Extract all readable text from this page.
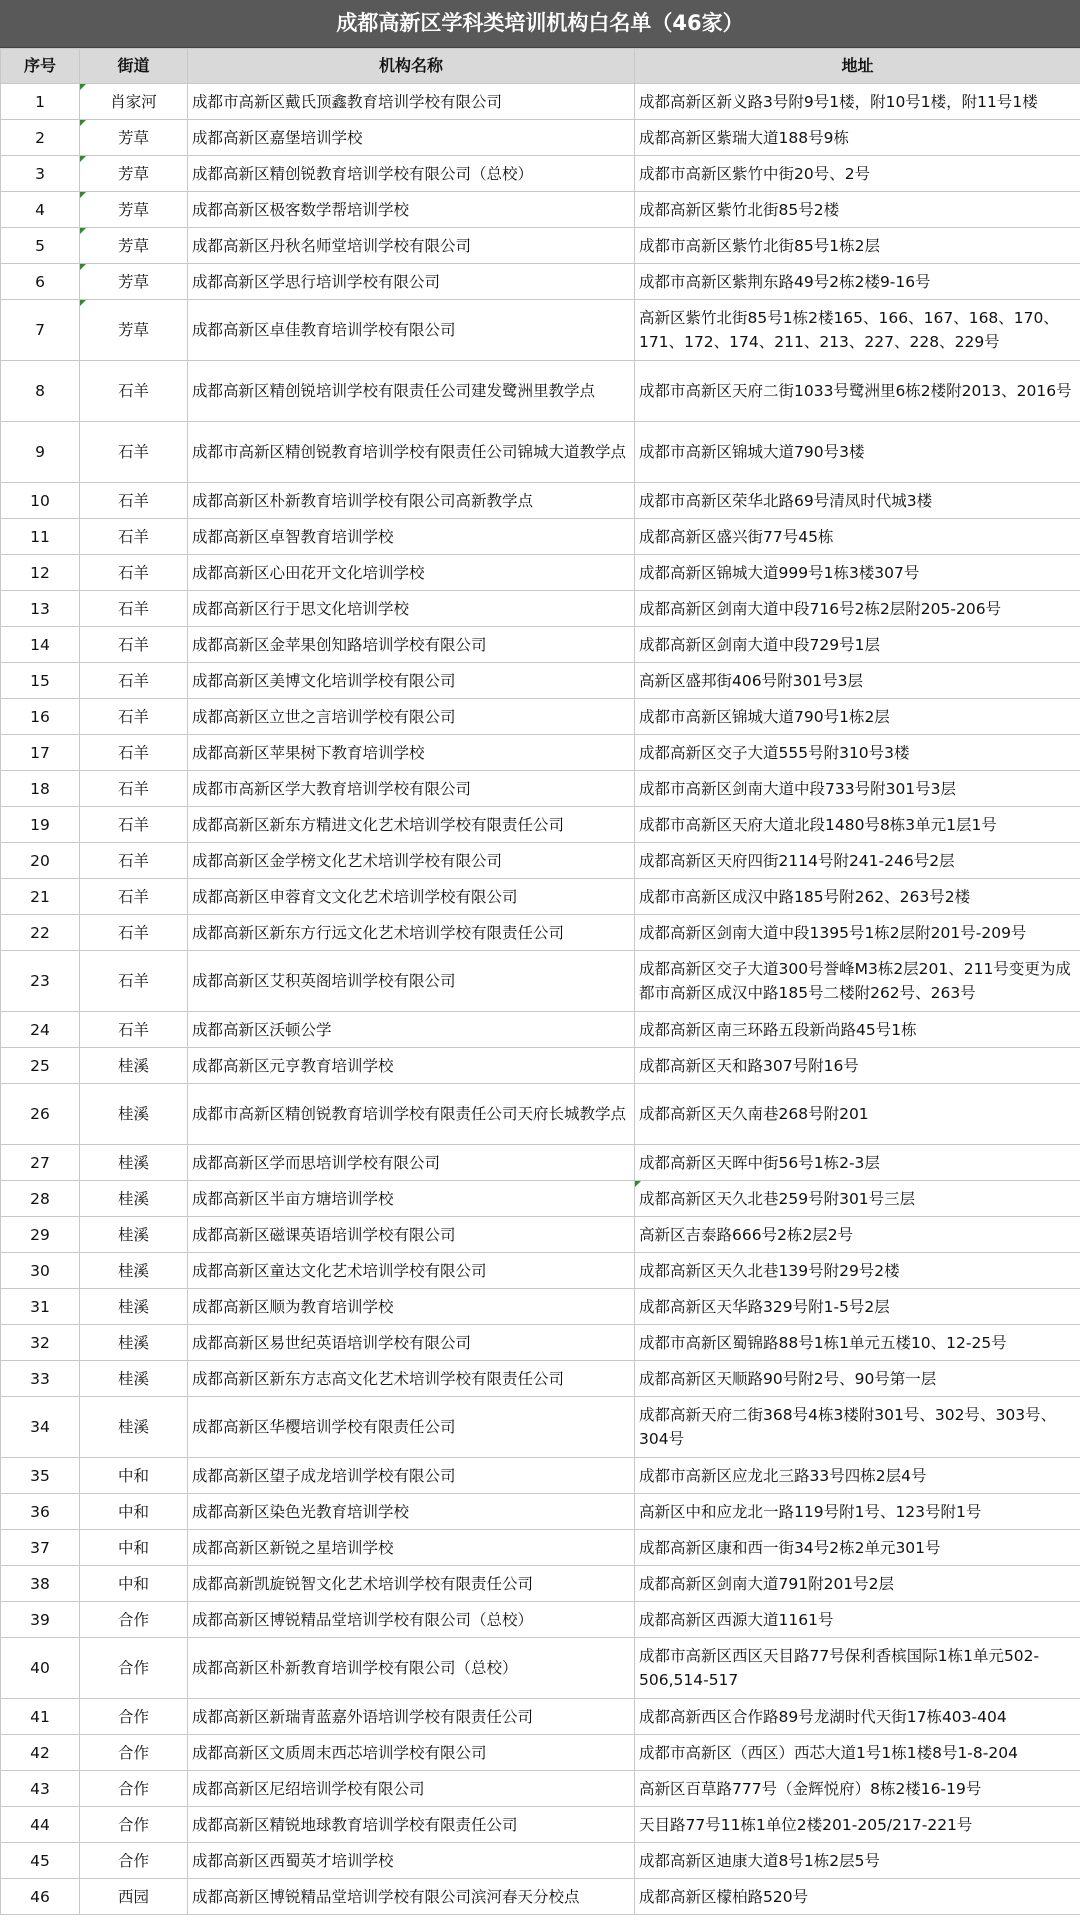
成都高新区学科类培训机构白名单（46家）
序号	街道	机构名称	地址
1	肖家河	成都市高新区戴氏顶鑫教育培训学校有限公司	成都高新区新义路3号附9号1楼，附10号1楼，附11号1楼
2	芳草	成都高新区嘉堡培训学校	成都高新区紫瑞大道188号9栋
3	芳草	成都高新区精创锐教育培训学校有限公司（总校）	成都市高新区紫竹中街20号、2号
4	芳草	成都高新区极客数学帮培训学校	成都高新区紫竹北街85号2楼
5	芳草	成都高新区丹秋名师堂培训学校有限公司	成都市高新区紫竹北街85号1栋2层
6	芳草	成都高新区学思行培训学校有限公司	成都市高新区紫荆东路49号2栋2楼9-16号
7	芳草	成都高新区卓佳教育培训学校有限公司	高新区紫竹北街85号1栋2楼165、166、167、168、170、171、172、174、211、213、227、228、229号
8	石羊	成都高新区精创锐培训学校有限责任公司建发鹭洲里教学点	成都市高新区天府二街1033号鹭洲里6栋2楼附2013、2016号
9	石羊	成都市高新区精创锐教育培训学校有限责任公司锦城大道教学点	成都市高新区锦城大道790号3楼
10	石羊	成都高新区朴新教育培训学校有限公司高新教学点	成都市高新区荣华北路69号清凤时代城3楼
11	石羊	成都高新区卓智教育培训学校	成都高新区盛兴街77号45栋
12	石羊	成都高新区心田花开文化培训学校	成都高新区锦城大道999号1栋3楼307号
13	石羊	成都高新区行于思文化培训学校	成都高新区剑南大道中段716号2栋2层附205-206号
14	石羊	成都高新区金苹果创知路培训学校有限公司	成都高新区剑南大道中段729号1层
15	石羊	成都高新区美博文化培训学校有限公司	高新区盛邦街406号附301号3层
16	石羊	成都高新区立世之言培训学校有限公司	成都市高新区锦城大道790号1栋2层
17	石羊	成都高新区苹果树下教育培训学校	成都高新区交子大道555号附310号3楼
18	石羊	成都市高新区学大教育培训学校有限公司	成都市高新区剑南大道中段733号附301号3层
19	石羊	成都高新区新东方精进文化艺术培训学校有限责任公司	成都市高新区天府大道北段1480号8栋3单元1层1号
20	石羊	成都高新区金学榜文化艺术培训学校有限公司	成都高新区天府四街2114号附241-246号2层
21	石羊	成都高新区申蓉育文文化艺术培训学校有限公司	成都市高新区成汉中路185号附262、263号2楼
22	石羊	成都高新区新东方行远文化艺术培训学校有限责任公司	成都高新区剑南大道中段1395号1栋2层附201号-209号
23	石羊	成都高新区艾积英阁培训学校有限公司	成都高新区交子大道300号誉峰M3栋2层201、211号变更为成都市高新区成汉中路185号二楼附262号、263号
24	石羊	成都高新区沃顿公学	成都高新区南三环路五段新尚路45号1栋
25	桂溪	成都高新区元亨教育培训学校	成都高新区天和路307号附16号
26	桂溪	成都市高新区精创锐教育培训学校有限责任公司天府长城教学点	成都高新区天久南巷268号附201
27	桂溪	成都高新区学而思培训学校有限公司	成都高新区天晖中街56号1栋2-3层
28	桂溪	成都高新区半亩方塘培训学校	成都高新区天久北巷259号附301号三层
29	桂溪	成都高新区磁课英语培训学校有限公司	高新区吉泰路666号2栋2层2号
30	桂溪	成都高新区童达文化艺术培训学校有限公司	成都高新区天久北巷139号附29号2楼
31	桂溪	成都高新区顺为教育培训学校	成都高新区天华路329号附1-5号2层
32	桂溪	成都高新区易世纪英语培训学校有限公司	成都市高新区蜀锦路88号1栋1单元五楼10、12-25号
33	桂溪	成都高新区新东方志高文化艺术培训学校有限责任公司	成都高新区天顺路90号附2号、90号第一层
34	桂溪	成都高新区华樱培训学校有限责任公司	成都高新天府二街368号4栋3楼附301号、302号、303号、304号
35	中和	成都高新区望子成龙培训学校有限公司	成都市高新区应龙北三路33号四栋2层4号
36	中和	成都高新区染色光教育培训学校	高新区中和应龙北一路119号附1号、123号附1号
37	中和	成都高新区新锐之星培训学校	成都高新区康和西一街34号2栋2单元301号
38	中和	成都高新凯旋锐智文化艺术培训学校有限责任公司	成都高新区剑南大道791附201号2层
39	合作	成都高新区博锐精品堂培训学校有限公司（总校）	成都高新区西源大道1161号
40	合作	成都高新区朴新教育培训学校有限公司（总校）	成都市高新区西区天目路77号保利香槟国际1栋1单元502-506,514-517
41	合作	成都高新区新瑞青蓝嘉外语培训学校有限责任公司	成都高新西区合作路89号龙湖时代天街17栋403-404
42	合作	成都高新区文质周末西芯培训学校有限公司	成都市高新区（西区）西芯大道1号1栋1楼8号1-8-204
43	合作	成都高新区尼绍培训学校有限公司	高新区百草路777号（金辉悦府）8栋2楼16-19号
44	合作	成都高新区精锐地球教育培训学校有限责任公司	天目路77号11栋1单位2楼201-205/217-221号
45	合作	成都高新区西蜀英才培训学校	成都高新区迪康大道8号1栋2层5号
46	西园	成都高新区博锐精品堂培训学校有限公司滨河春天分校点	成都高新区檬柏路520号
